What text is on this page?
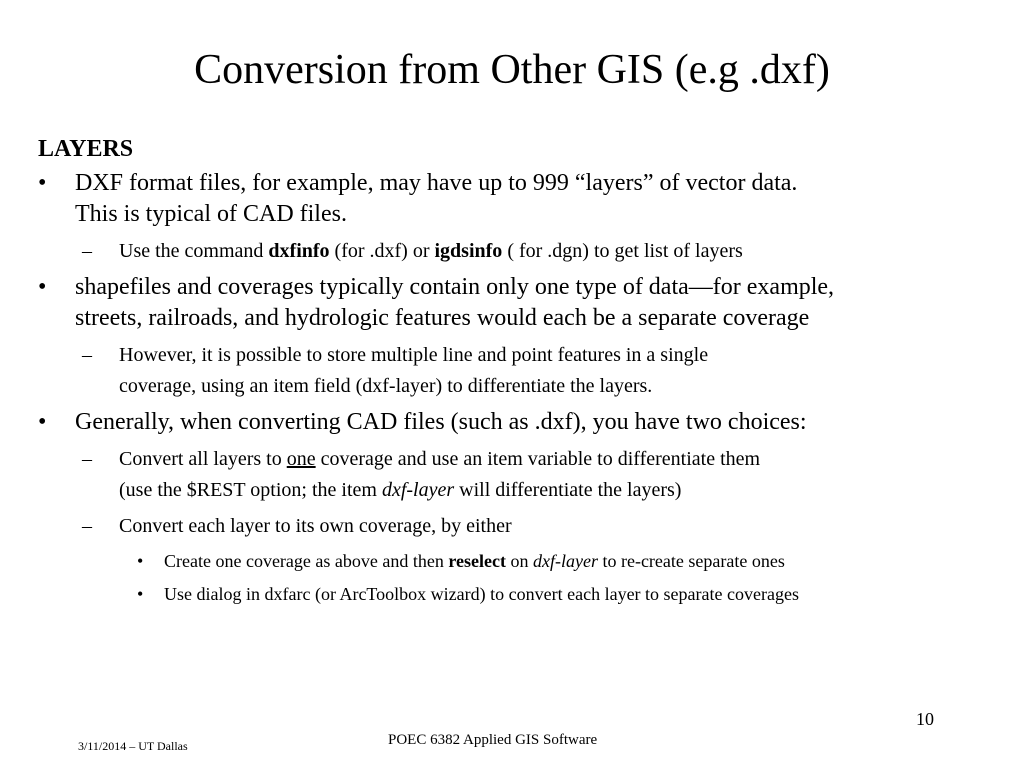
Conversion from Other GIS (e.g .dxf)

LAYERS

• DXF format files, for example, may have up to 999 “layers” of vector data.
This is typical of CAD files.
– Use the command dxfinfo (for .dxf) or igdsinfo ( for .dgn) to get list of layers
• shapefiles and coverages typically contain only one type of data—for example,
streets, railroads, and hydrologic features would each be a separate coverage
– However, it is possible to store multiple line and point features in a single
coverage, using an item field (dxf-layer) to differentiate the layers.
• Generally, when converting CAD files (such as .dxf), you have two choices:
– Convert all layers to one coverage and use an item variable to differentiate them
(use the $REST option; the item dxf-layer will differentiate the layers)
– Convert each layer to its own coverage, by either
• Create one coverage as above and then reselect on dxf-layer to re-create separate ones
• Use dialog in dxfarc (or ArcToolbox wizard) to convert each layer to separate coverages
10
3/11/2014 – UT Dallas	POEC 6382 Applied GIS Software
